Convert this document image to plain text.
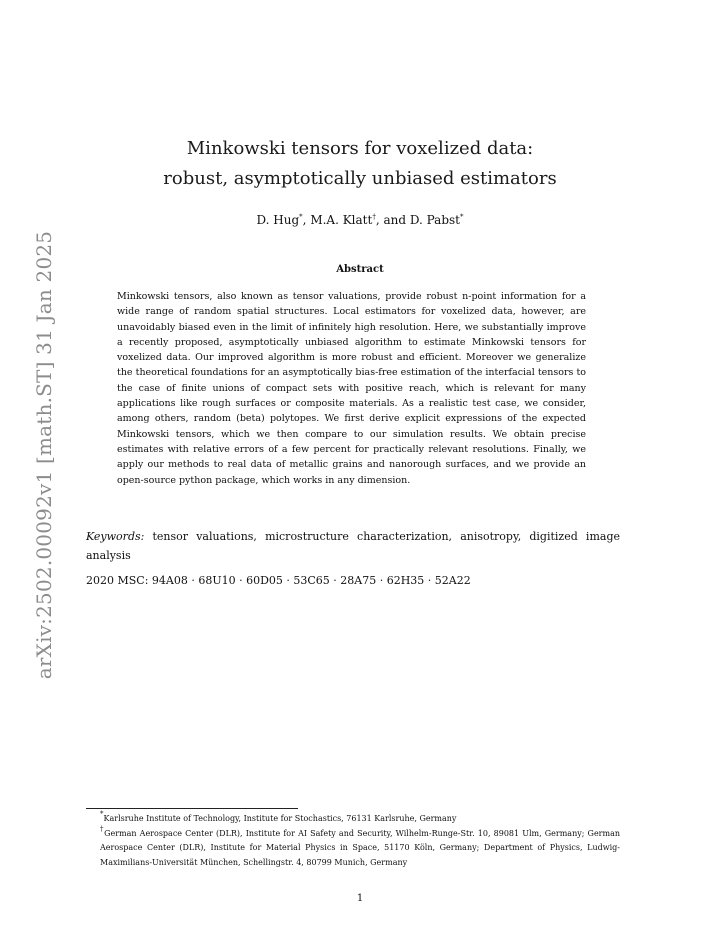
arXiv:2502.00092v1 [math.ST] 31 Jan 2025
Minkowski tensors for voxelized data:
robust, asymptotically unbiased estimators
D. Hug*, M.A. Klatt†, and D. Pabst*
Abstract
Minkowski tensors, also known as tensor valuations, provide robust n-point information for a wide range of random spatial structures. Local estimators for voxelized data, however, are unavoidably biased even in the limit of infinitely high resolution. Here, we substantially improve a recently proposed, asymptotically unbiased algorithm to estimate Minkowski tensors for voxelized data. Our improved algorithm is more robust and efficient. Moreover we generalize the theoretical foundations for an asymptotically bias-free estimation of the interfacial tensors to the case of finite unions of compact sets with positive reach, which is relevant for many applications like rough surfaces or composite materials. As a realistic test case, we consider, among others, random (beta) polytopes. We first derive explicit expressions of the expected Minkowski tensors, which we then compare to our simulation results. We obtain precise estimates with relative errors of a few percent for practically relevant resolutions. Finally, we apply our methods to real data of metallic grains and nanorough surfaces, and we provide an open-source python package, which works in any dimension.
Keywords: tensor valuations, microstructure characterization, anisotropy, digitized image analysis
2020 MSC: 94A08 · 68U10 · 60D05 · 53C65 · 28A75 · 62H35 · 52A22
*Karlsruhe Institute of Technology, Institute for Stochastics, 76131 Karlsruhe, Germany
†German Aerospace Center (DLR), Institute for AI Safety and Security, Wilhelm-Runge-Str. 10, 89081 Ulm, Germany; German Aerospace Center (DLR), Institute for Material Physics in Space, 51170 Köln, Germany; Department of Physics, Ludwig-Maximilians-Universität München, Schellingstr. 4, 80799 Munich, Germany
1
